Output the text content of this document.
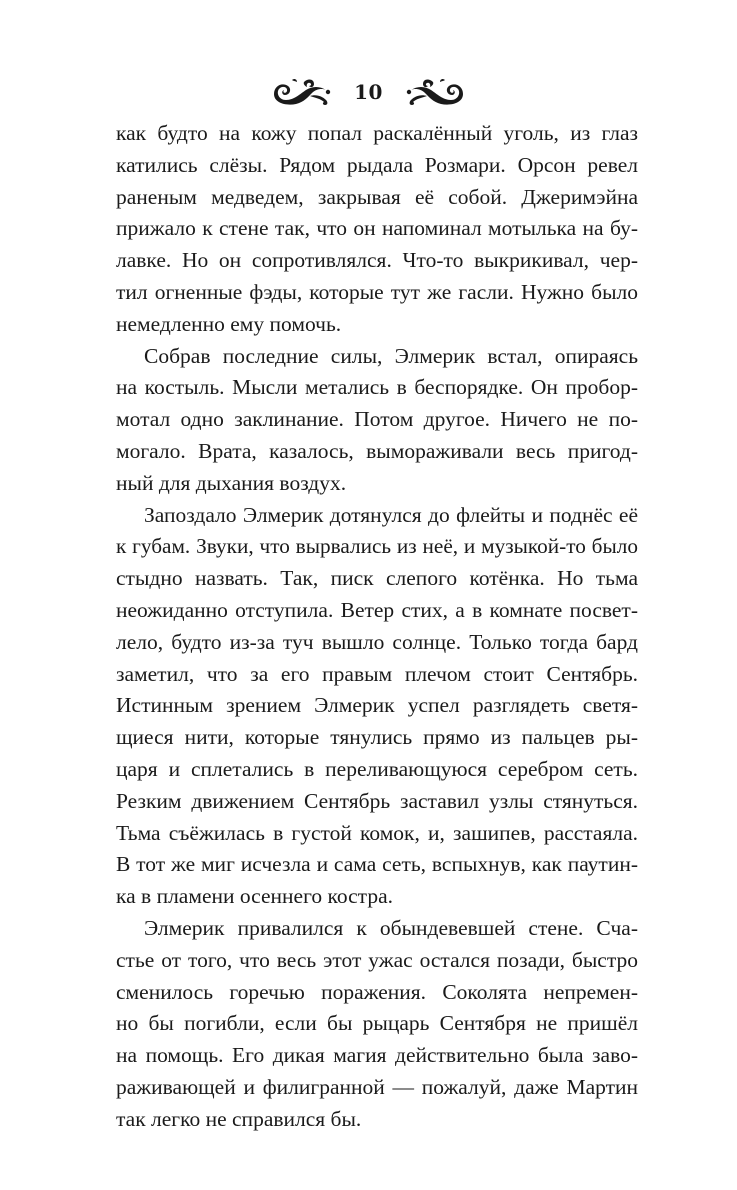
10

как будто на кожу попал раскалённый уголь, из глаз
катились слёзы. Рядом рыдала Розмари. Орсон ревел
раненым медведем, закрывая её собой. Джеримэйна
прижало к стене так, что он напоминал мотылька на бу-
лавке. Но он сопротивлялся. Что-то выкрикивал, чер-
тил огненные фэды, которые тут же гасли. Нужно было
немедленно ему помочь.

Собрав последние силы, Элмерик встал, опираясь
на костыль. Мысли метались в беспорядке. Он пробор-
мотал одно заклинание. Потом другое. Ничего не по-
могало. Врата, казалось, вымораживали весь пригод-
ный для дыхания воздух.

Запоздало Элмерик дотянулся до флейты и поднёс её
к губам. Звуки, что вырвались из неё, и музыкой-то было
стыдно назвать. Так, писк слепого котёнка. Но тьма
неожиданно отступила. Ветер стих, а в комнате посвет-
лело, будто из-за туч вышло солнце. Только тогда бард
заметил, что за его правым плечом стоит Сентябрь.
Истинным зрением Элмерик успел разглядеть светя-
щиеся нити, которые тянулись прямо из пальцев ры-
царя и сплетались в переливающуюся серебром сеть.
Резким движением Сентябрь заставил узлы стянуться.
Тьма съёжилась в густой комок, и, зашипев, расстаяла.
В тот же миг исчезла и сама сеть, вспыхнув, как паутин-
ка в пламени осеннего костра.

Элмерик привалился к обындевевшей стене. Сча-
стье от того, что весь этот ужас остался позади, быстро
сменилось горечью поражения. Соколята непремен-
но бы погибли, если бы рыцарь Сентября не пришёл
на помощь. Его дикая магия действительно была заво-
раживающей и филигранной — пожалуй, даже Мартин
так легко не справился бы.
